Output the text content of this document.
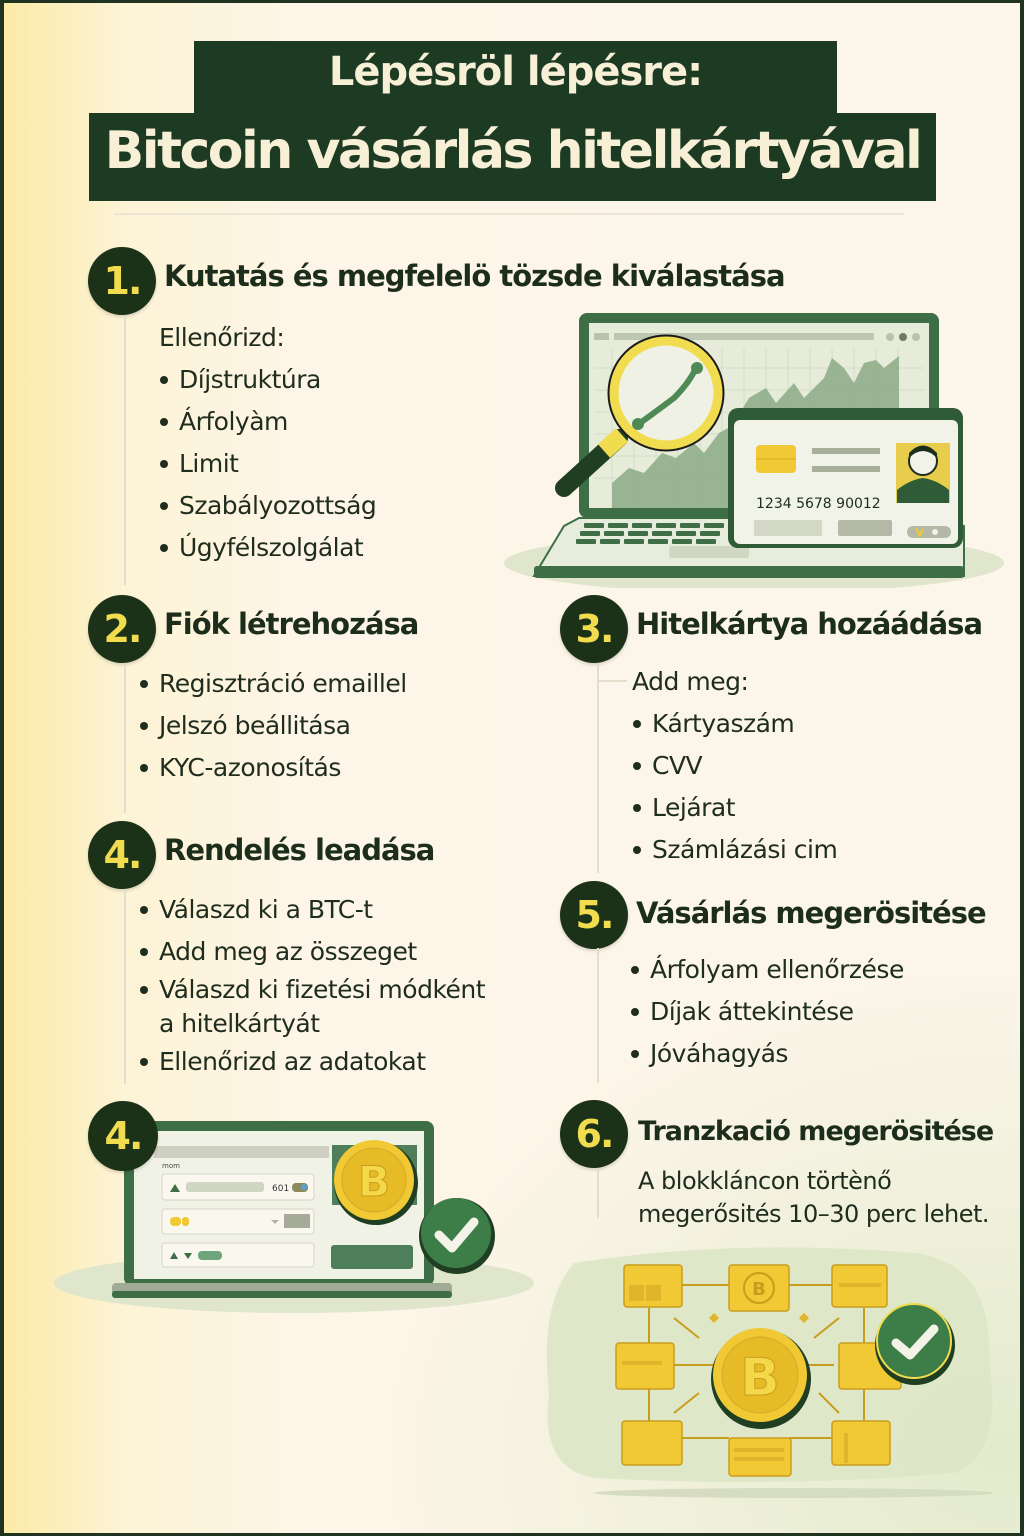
Lépésröl lépésre:
Bitcoin vásárlás hitelkártyával
1. Kutatás és megfelelö tözsde kiválastása
Ellenőrizd:
Díjstruktúra
Árfolyàm
Limit
Szabályozottság
Úgyfélszolgálat
1234 5678 90012
2. Fiók létrehozása
Regisztráció emaillel
Jelszó beállitása
KYC-azonosítás
3. Hitelkártya hozáádása
Add meg:
Kártyaszám
CVV
Lejárat
Számlázási cim
4. Rendelés leadása
Válaszd ki a BTC-t
Add meg az összeget
Válaszd ki fizetési módként
a hitelkártyát
Ellenőrizd az adatokat
5. Vásárlás megerösitése
Árfolyam ellenőrzése
Díjak áttekintése
Jóváhagyás
mom
601 B
4.	6. Tranzkació megerösitése
A blokkláncon törtènő
megerősités 10–30 perc lehet.
B
B
